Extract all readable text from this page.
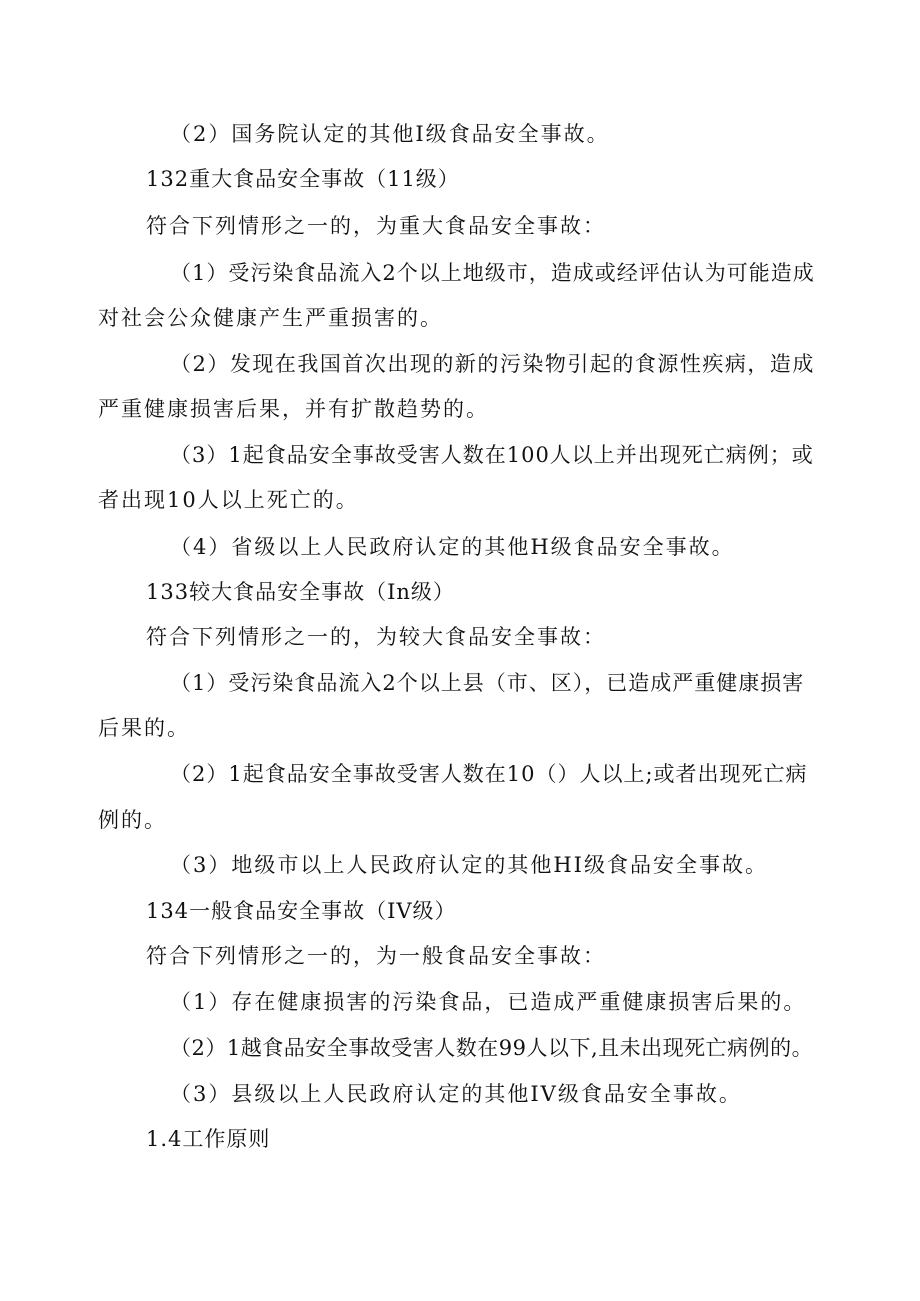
（2）国务院认定的其他I级食品安全事故。
132重大食品安全事故（11级）
符合下列情形之一的，为重大食品安全事故：
（1）受污染食品流入2个以上地级市，造成或经评估认为可能造成
对社会公众健康产生严重损害的。
（2）发现在我国首次出现的新的污染物引起的食源性疾病，造成
严重健康损害后果，并有扩散趋势的。
（3）1起食品安全事故受害人数在100人以上并出现死亡病例；或
者出现10人以上死亡的。
（4）省级以上人民政府认定的其他H级食品安全事故。
133较大食品安全事故（In级）
符合下列情形之一的，为较大食品安全事故：
（1）受污染食品流入2个以上县（市、区），已造成严重健康损害
后果的。
（2）1起食品安全事故受害人数在10（）人以上;或者出现死亡病
例的。
（3）地级市以上人民政府认定的其他HI级食品安全事故。
134一般食品安全事故（IV级）
符合下列情形之一的，为一般食品安全事故：
（1）存在健康损害的污染食品，已造成严重健康损害后果的。
（2）1越食品安全事故受害人数在99人以下,且未出现死亡病例的。
（3）县级以上人民政府认定的其他IV级食品安全事故。
1.4工作原则
